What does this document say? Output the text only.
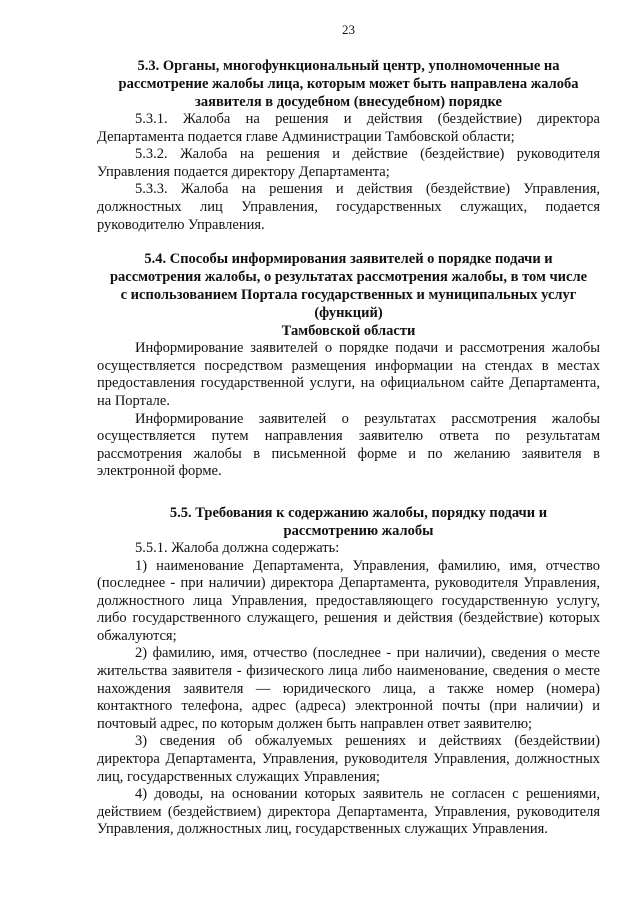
23
5.3. Органы, многофункциональный центр, уполномоченные на
рассмотрение жалобы лица, которым может быть направлена жалоба
заявителя в досудебном (внесудебном) порядке

5.3.1. Жалоба на решения и действия (бездействие) директора Департамента подается главе Администрации Тамбовской области;

5.3.2. Жалоба на решения и действие (бездействие) руководителя Управления подается директору Департамента;

5.3.3. Жалоба на решения и действия (бездействие) Управления, должностных лиц Управления, государственных служащих, подается руководителю Управления.

5.4. Способы информирования заявителей о порядке подачи и
рассмотрения жалобы, о результатах рассмотрения жалобы, в том числе
с использованием Портала государственных и муниципальных услуг
(функций)
Тамбовской области

Информирование заявителей о порядке подачи и рассмотрения жалобы осуществляется посредством размещения информации на стендах в местах предоставления государственной услуги, на официальном сайте Департамента, на Портале.

Информирование заявителей о результатах рассмотрения жалобы осуществляется путем направления заявителю ответа по результатам рассмотрения жалобы в письменной форме и по желанию заявителя в электронной форме.

5.5. Требования к содержанию жалобы, порядку подачи и
рассмотрению жалобы

5.5.1. Жалоба должна содержать:

1) наименование Департамента, Управления, фамилию, имя, отчество (последнее - при наличии) директора Департамента, руководителя Управления, должностного лица Управления, предоставляющего государственную услугу, либо государственного служащего, решения и действия (бездействие) которых обжалуются;

2) фамилию, имя, отчество (последнее - при наличии), сведения о месте жительства заявителя - физического лица либо наименование, сведения о месте нахождения заявителя — юридического лица, а также номер (номера) контактного телефона, адрес (адреса) электронной почты (при наличии) и почтовый адрес, по которым должен быть направлен ответ заявителю;

3) сведения об обжалуемых решениях и действиях (бездействии) директора Департамента, Управления, руководителя Управления, должностных лиц, государственных служащих Управления;

4) доводы, на основании которых заявитель не согласен с решениями, действием (бездействием) директора Департамента, Управления, руководителя Управления, должностных лиц, государственных служащих Управления.
